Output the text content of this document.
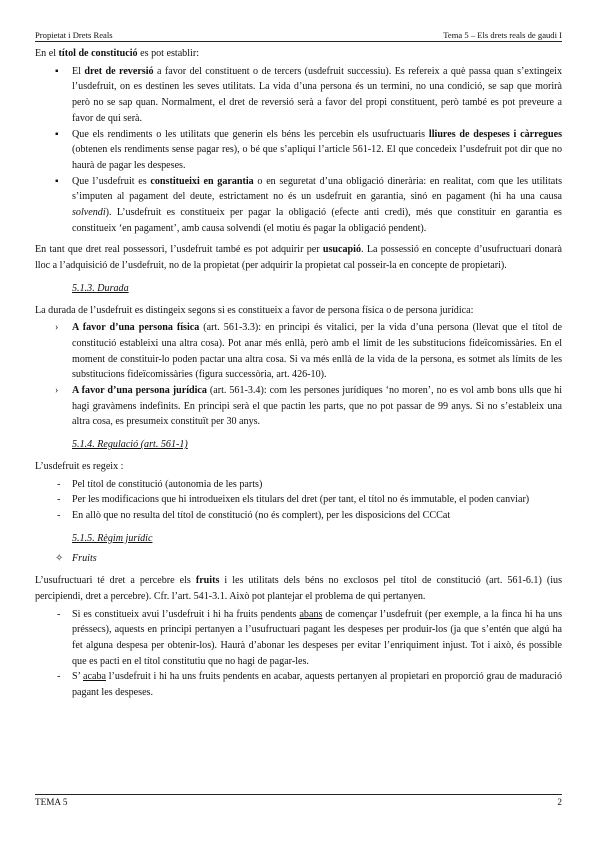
Propietat i Drets Reals	Tema 5 – Els drets reals de gaudi I

En el títol de constitució es pot establir:

▪ El dret de reversió a favor del constituent o de tercers (usdefruit successiu). Es refereix a què passa quan s’extingeix l’usdefruit, on es destinen les seves utilitats. La vida d’una persona és un termini, no una condició, se sap que morirà però no se sap quan. Normalment, el dret de reversió serà a favor del propi constituent, però també es pot preveure a favor de qui serà.
▪ Que els rendiments o les utilitats que generin els béns les percebin els usufructuaris lliures de despeses i càrregues (obtenen els rendiments sense pagar res), o bé que s’apliqui l’article 561-12. El que concedeix l’usdefruit pot dir que no haurà de pagar les despeses.
▪ Que l’usdefruit es constitueixi en garantia o en seguretat d’una obligació dinerària: en realitat, com que les utilitats s’imputen al pagament del deute, estrictament no és un usdefruit en garantia, sinó en pagament (hi ha una causa solvendi). L’usdefruit es constitueix per pagar la obligació (efecte anti credi), més que constituir en garantia es constitueix ‘en pagament’, amb causa solvendi (el motiu és pagar la obligació pendent).

En tant que dret real possessori, l’usdefruit també es pot adquirir per usucapió. La possessió en concepte d’usufructuari donarà lloc a l’adquisició de l’usdefruit, no de la propietat (per adquirir la propietat cal posseir-la en concepte de propietari).

5.1.3. Durada

La durada de l’usdefruit es distingeix segons si es constitueix a favor de persona física o de persona jurídica:

› A favor d’una persona física (art. 561-3.3): en principi és vitalici, per la vida d’una persona (llevat que el títol de constitució estableixi una altra cosa). Pot anar més enllà, però amb el límit de les substitucions fideïcomissàries. En el moment de constituir-lo poden pactar una altra cosa. Si va més enllà de la vida de la persona, es sotmet als límits de les substitucions fideïcomissàries (figura successòria, art. 426-10).
› A favor d’una persona jurídica (art. 561-3.4): com les persones jurídiques ‘no moren’, no es vol amb bons ulls que hi hagi gravàmens indefinits. En principi serà el que pactin les parts, que no pot passar de 99 anys. Si no s’estableix una altra cosa, es presumeix constituït per 30 anys.

5.1.4. Regulació (art. 561-1)

L’usdefruit es regeix :

- Pel títol de constitució (autonomia de les parts)
- Per les modificacions que hi introdueixen els titulars del dret (per tant, el títol no és immutable, el poden canviar)
- En allò que no resulta del títol de constitució (no és complert), per les disposicions del CCCat

5.1.5. Règim jurídic

✧ Fruits

L’usufructuari té dret a percebre els fruits i les utilitats dels béns no exclosos pel títol de constitució (art. 561-6.1) (ius percipiendi, dret a percebre). Cfr. l’art. 541-3.1. Això pot plantejar el problema de qui pertanyen.

- Si es constitueix avui l’usdefruit i hi ha fruits pendents abans de començar l’usdefruit (per exemple, a la finca hi ha uns préssecs), aquests en principi pertanyen a l’usufructuari pagant les despeses per produir-los (ja que s’entén que algú ha fet alguna despesa per obtenir-los). Haurà d’abonar les despeses per evitar l’enriquiment injust. Tot i això, és possible que es pacti en el títol constitutiu que no hagi de pagar-les.
- S’ acaba l’usdefruit i hi ha uns fruits pendents en acabar, aquests pertanyen al propietari en proporció grau de maduració pagant les despeses.
TEMA 5	2
